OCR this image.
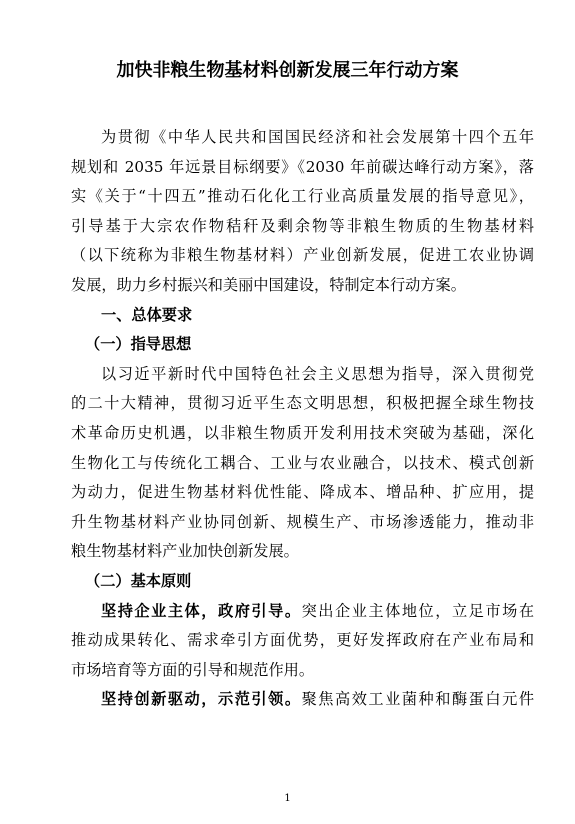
加快非粮生物基材料创新发展三年行动方案
为贯彻《中华人民共和国国民经济和社会发展第十四个五年
规划和 2035 年远景目标纲要》《2030 年前碳达峰行动方案》，落
实《关于“十四五”推动石化化工行业高质量发展的指导意见》，
引导基于大宗农作物秸秆及剩余物等非粮生物质的生物基材料
（以下统称为非粮生物基材料）产业创新发展，促进工农业协调
发展，助力乡村振兴和美丽中国建设，特制定本行动方案。
一、总体要求
（一）指导思想
以习近平新时代中国特色社会主义思想为指导，深入贯彻党
的二十大精神，贯彻习近平生态文明思想，积极把握全球生物技
术革命历史机遇，以非粮生物质开发利用技术突破为基础，深化
生物化工与传统化工耦合、工业与农业融合，以技术、模式创新
为动力，促进生物基材料优性能、降成本、增品种、扩应用，提
升生物基材料产业协同创新、规模生产、市场渗透能力，推动非
粮生物基材料产业加快创新发展。
（二）基本原则
坚持企业主体，政府引导。突出企业主体地位，立足市场在
推动成果转化、需求牵引方面优势，更好发挥政府在产业布局和
市场培育等方面的引导和规范作用。
坚持创新驱动，示范引领。聚焦高效工业菌种和酶蛋白元件
1
